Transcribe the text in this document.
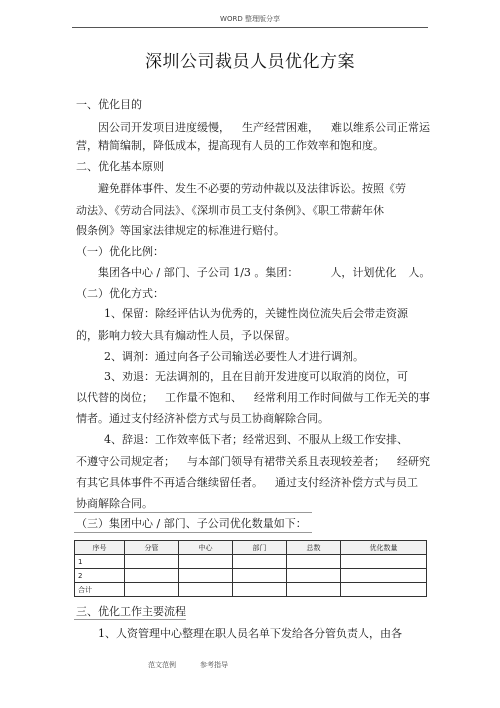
WORD 整理版分享
深圳公司裁员人员优化方案
一、优化目的
因公司开发项目进度缓慢， 生产经营困难， 难以维系公司正常运
营，精简编制，降低成本，提高现有人员的工作效率和饱和度。
二、优化基本原则
避免群体事件、发生不必要的劳动仲裁以及法律诉讼。按照《劳
动法》、《劳动合同法》、《深圳市员工支付条例》、《职工带薪年休
假条例》等国家法律规定的标准进行赔付。
（一）优化比例：
集团各中心 / 部门、子公司 1/3 。集团：	人，计划优化 人。
（二）优化方式：
1、保留：除经评估认为优秀的，关键性岗位流失后会带走资源
的，影响力较大具有煽动性人员，予以保留。
2、调剂：通过向各子公司输送必要性人才进行调剂。
3、劝退：无法调剂的，且在目前开发进度可以取消的岗位，可
以代替的岗位； 工作量不饱和、 经常利用工作时间做与工作无关的事
情者。通过支付经济补偿方式与员工协商解除合同。
4、辞退：工作效率低下者；经常迟到、不服从上级工作安排、
不遵守公司规定者； 与本部门领导有裙带关系且表现较差者； 经研究
有其它具体事件不再适合继续留任者。 通过支付经济补偿方式与员工
协商解除合同。
（三）集团中心 / 部门、子公司优化数量如下：
序号	分管	中心	部门	总数	优化数量
1					
2					
合计					
三、优化工作主要流程
1、人资管理中心整理在职人员名单下发给各分管负责人，由各
范文范例	参考指导
